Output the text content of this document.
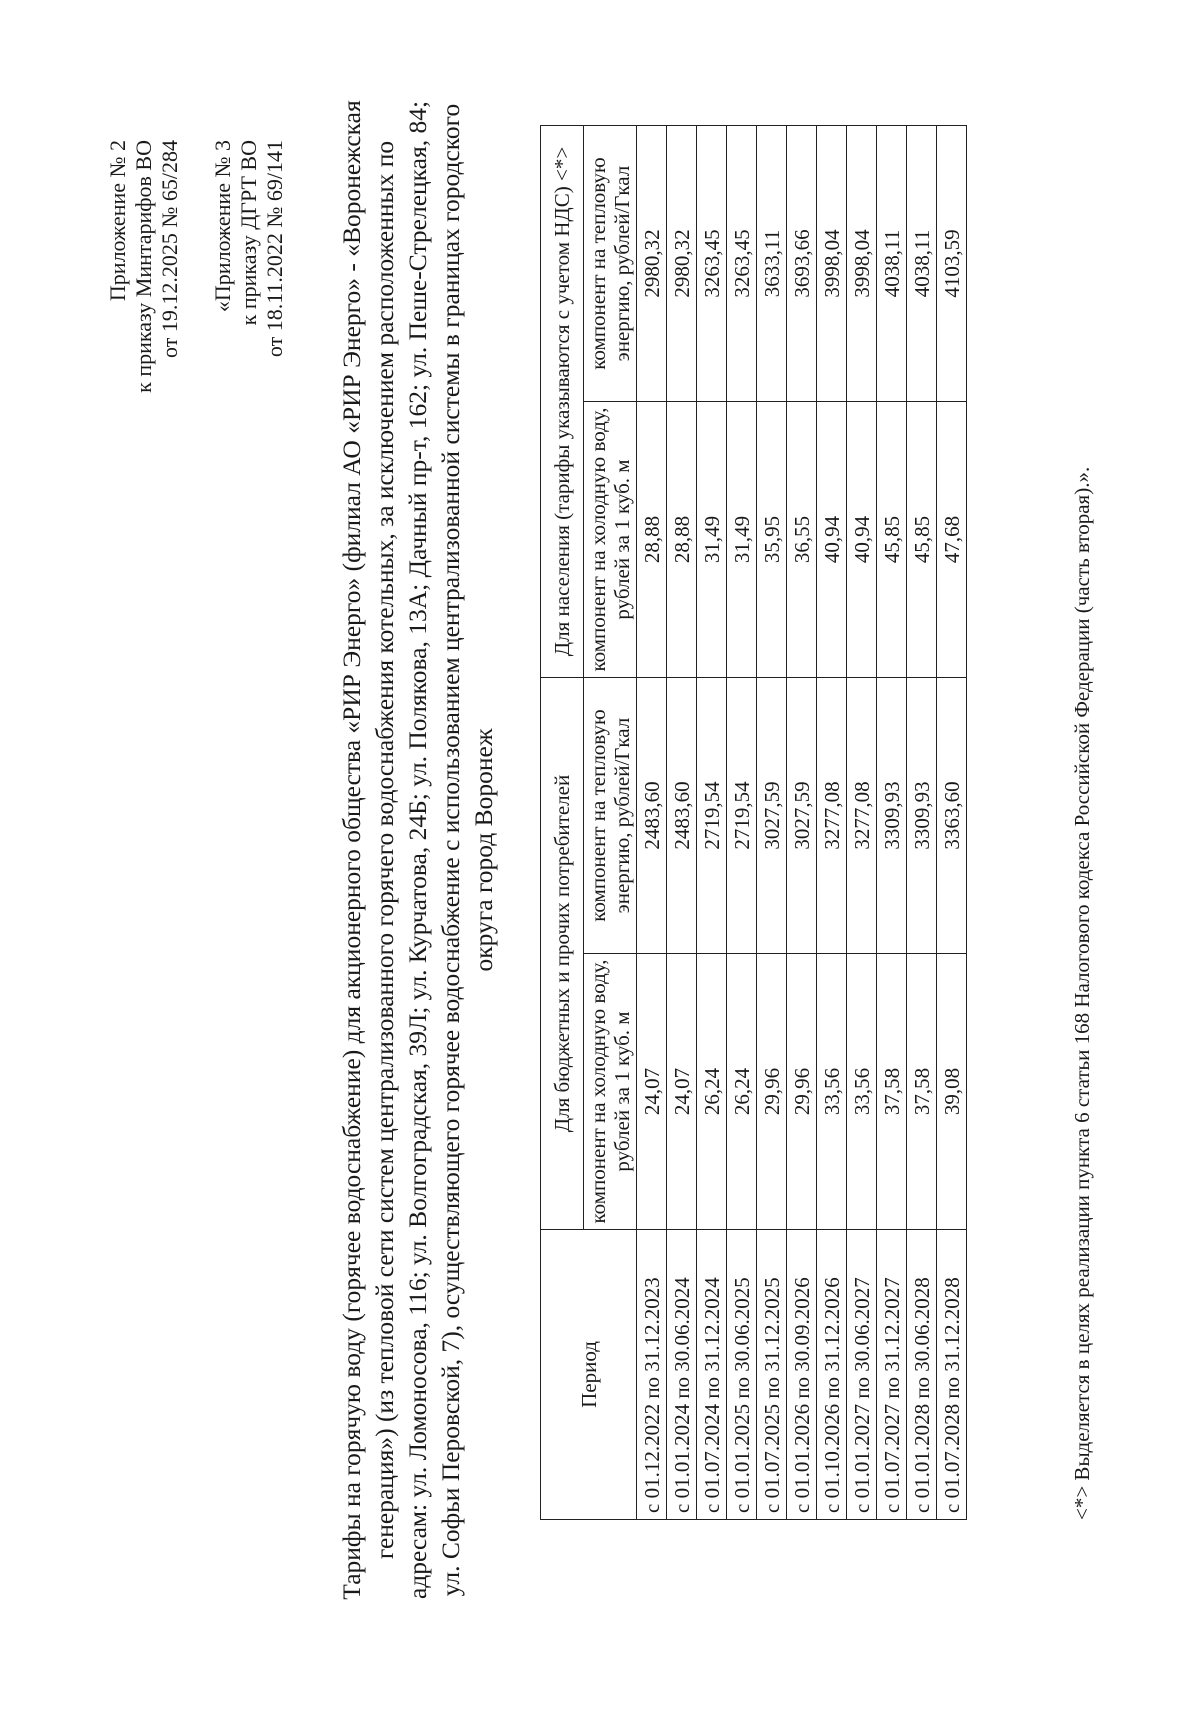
Приложение № 2 к приказу Минтарифов ВО от 19.12.2025 № 65/284 «Приложение № 3 к приказу ДГРТ ВО от 18.11.2022 № 69/141 Тарифы на горячую воду (горячее водоснабжение) для акционерного общества «РИР Энерго» (филиал АО «РИР Энерго» - «Воронежская генерация») (из тепловой сети систем централизованного горячего водоснабжения котельных, за исключением расположенных по адресам: ул. Ломоносова, 116; ул. Волгоградская, 39Л; ул. Курчатова, 24Б; ул. Полякова, 13А; Дачный пр-т, 162; ул. Пеше-Стрелецкая, 84; ул. Софьи Перовской, 7), осуществляющего горячее водоснабжение с использованием централизованной системы в границах городского округа город Воронеж
Период	Для бюджетных и прочих потребителей		Для населения (тарифы указываются с учетом НДС) <*>	
	компонент на холодную воду, рублей за 1 куб. м	компонент на тепловую энергию, рублей/Гкал	компонент на холодную воду, рублей за 1 куб. м	компонент на тепловую энергию, рублей/Гкал
с 01.12.2022 по 31.12.2023	24,07	2483,60	28,88	2980,32
с 01.01.2024 по 30.06.2024	24,07	2483,60	28,88	2980,32
с 01.07.2024 по 31.12.2024	26,24	2719,54	31,49	3263,45
с 01.01.2025 по 30.06.2025	26,24	2719,54	31,49	3263,45
с 01.07.2025 по 31.12.2025	29,96	3027,59	35,95	3633,11
с 01.01.2026 по 30.09.2026	29,96	3027,59	36,55	3693,66
с 01.10.2026 по 31.12.2026	33,56	3277,08	40,94	3998,04
с 01.01.2027 по 30.06.2027	33,56	3277,08	40,94	3998,04
с 01.07.2027 по 31.12.2027	37,58	3309,93	45,85	4038,11
с 01.01.2028 по 30.06.2028	37,58	3309,93	45,85	4038,11
с 01.07.2028 по 31.12.2028	39,08	3363,60	47,68	4103,59
<*> Выделяется в целях реализации пункта 6 статьи 168 Налогового кодекса Российской Федерации (часть вторая).».
